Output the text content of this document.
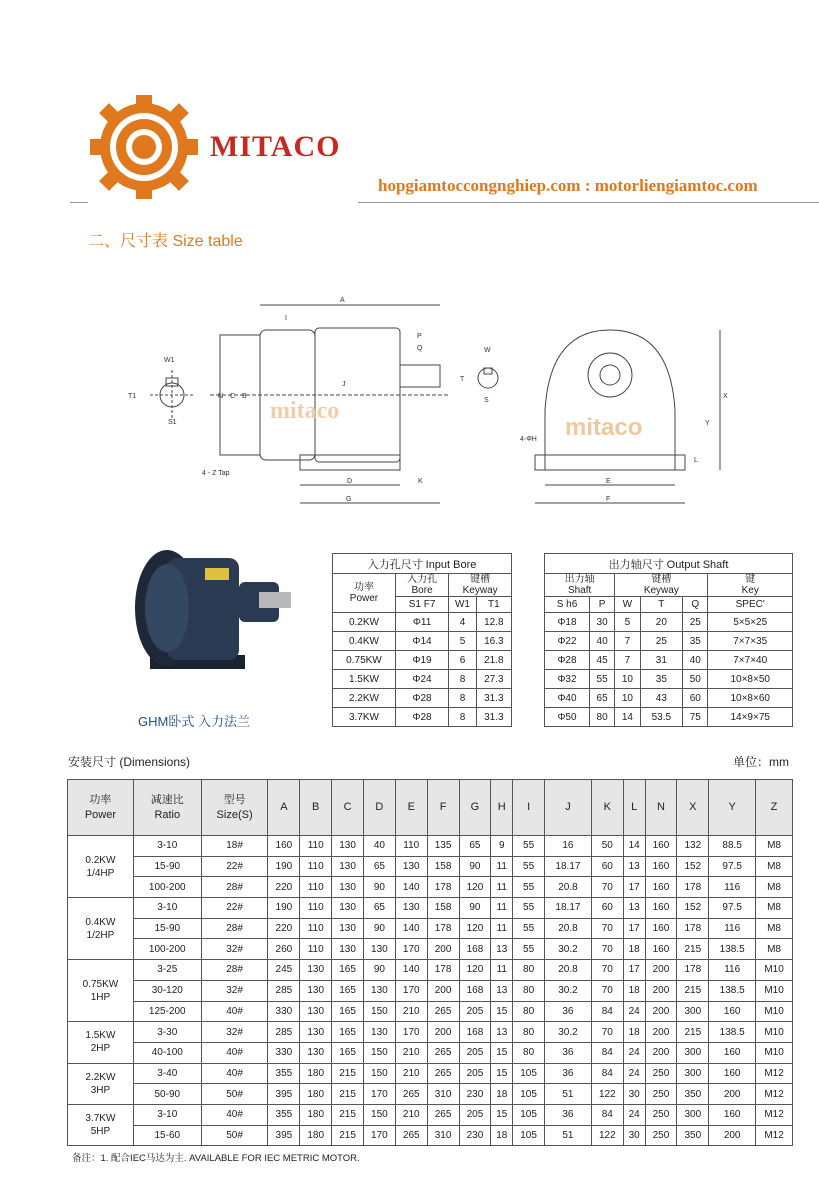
MITACO
hopgiamtoccongnghiep.com : motorliengiamtoc.com
二、尺寸表 Size table
W1
T1
S1
A
I
P
Q
J
N C B
D
G
K
4 - Z Tap
mitaco
W
T
S
X
Y
L
E
F
4-ΦH mitaco
GHM卧式 入力法兰
入力孔尺寸 Input Bore			
功率
Power	入力孔
Bore	键槽
Keyway	
	S1 F7	W1	T1
0.2KW	Φ11	4	12.8
0.4KW	Φ14	5	16.3
0.75KW	Φ19	6	21.8
1.5KW	Φ24	8	27.3
2.2KW	Φ28	8	31.3
3.7KW	Φ28	8	31.3
出力轴尺寸 Output Shaft					
出力轴
Shaft		键槽
Keyway			键
Key
S h6	P	W	T	Q	SPEC'
Φ18	30	5	20	25	5×5×25
Φ22	40	7	25	35	7×7×35
Φ28	45	7	31	40	7×7×40
Φ32	55	10	35	50	10×8×50
Φ40	65	10	43	60	10×8×60
Φ50	80	14	53.5	75	14×9×75
安装尺寸 (Dimensions)	单位：mm
功率
Power	减速比
Ratio	型号
Size(S)	A	B	C	D	E	F	G	H	I	J	K	L	N	X	Y	Z
0.2KW
1/4HP	3-10	18#	160	110	130	40	110	135	65	9	55	16	50	14	160	132	88.5	M8
	15-90	22#	190	110	130	65	130	158	90	11	55	18.17	60	13	160	152	97.5	M8
	100-200	28#	220	110	130	90	140	178	120	11	55	20.8	70	17	160	178	116	M8
0.4KW
1/2HP	3-10	22#	190	110	130	65	130	158	90	11	55	18.17	60	13	160	152	97.5	M8
	15-90	28#	220	110	130	90	140	178	120	11	55	20.8	70	17	160	178	116	M8
	100-200	32#	260	110	130	130	170	200	168	13	55	30.2	70	18	160	215	138.5	M8
0.75KW
1HP	3-25	28#	245	130	165	90	140	178	120	11	80	20.8	70	17	200	178	116	M10
	30-120	32#	285	130	165	130	170	200	168	13	80	30.2	70	18	200	215	138.5	M10
	125-200	40#	330	130	165	150	210	265	205	15	80	36	84	24	200	300	160	M10
1.5KW
2HP	3-30	32#	285	130	165	130	170	200	168	13	80	30.2	70	18	200	215	138.5	M10
	40-100	40#	330	130	165	150	210	265	205	15	80	36	84	24	200	300	160	M10
2.2KW
3HP	3-40	40#	355	180	215	150	210	265	205	15	105	36	84	24	250	300	160	M12
	50-90	50#	395	180	215	170	265	310	230	18	105	51	122	30	250	350	200	M12
3.7KW
5HP	3-10	40#	355	180	215	150	210	265	205	15	105	36	84	24	250	300	160	M12
	15-60	50#	395	180	215	170	265	310	230	18	105	51	122	30	250	350	200	M12
备注：1. 配合IEC马达为主. AVAILABLE FOR IEC METRIC MOTOR.
